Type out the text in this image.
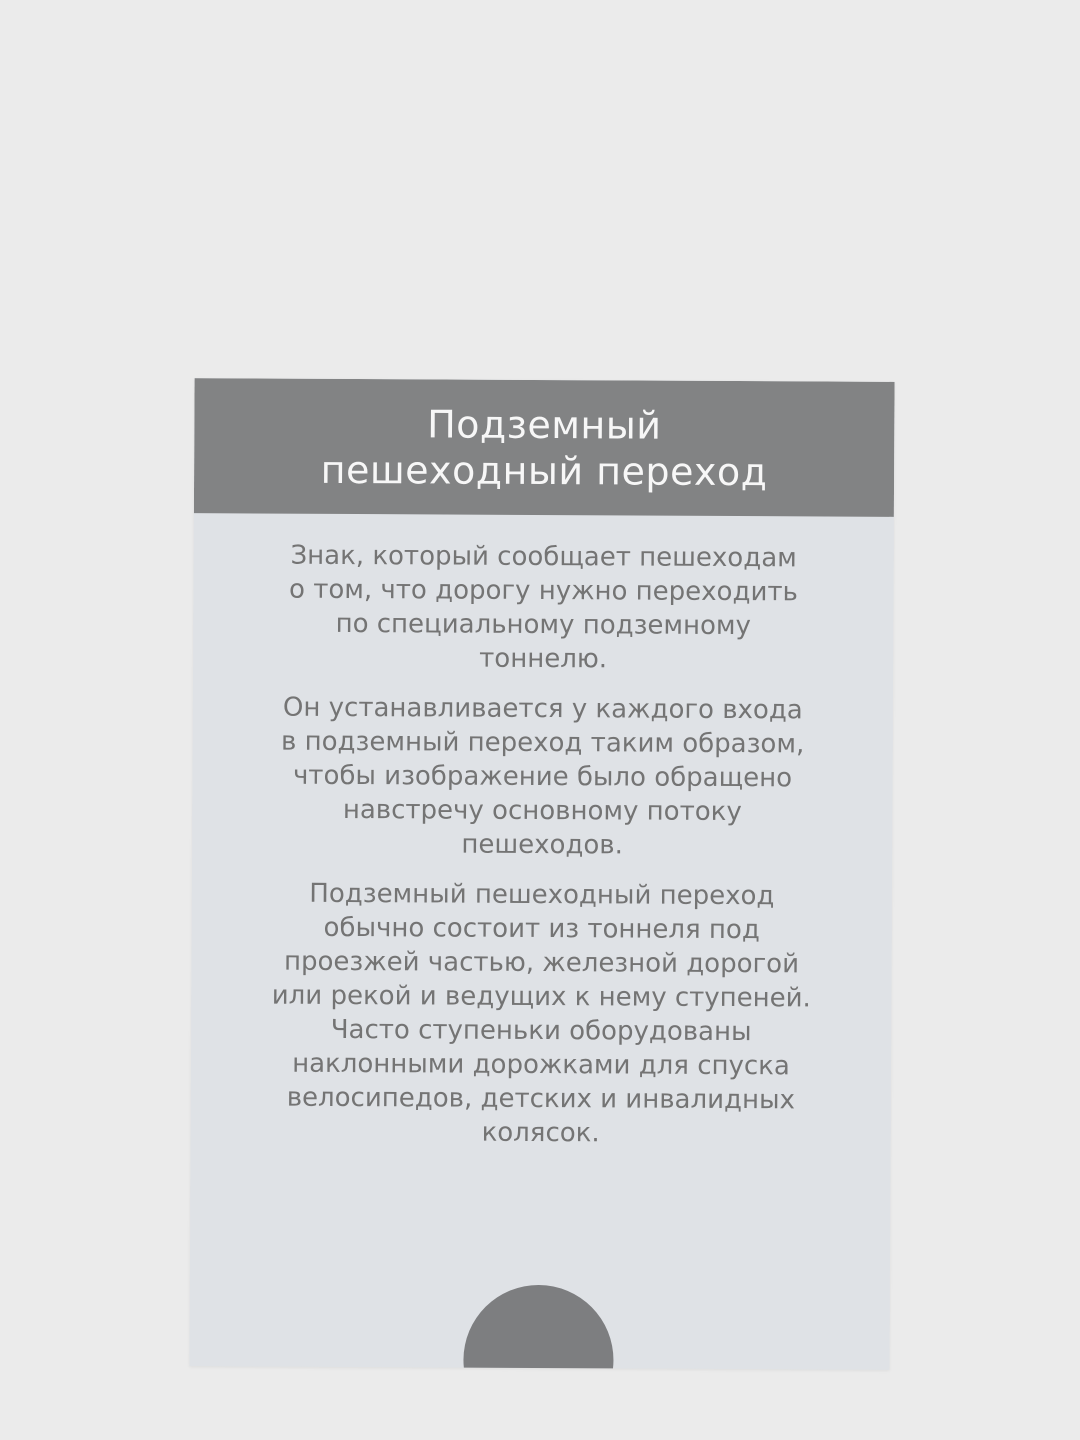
Подземный
пешеходный переход

Знак, который сообщает пешеходам
о том, что дорогу нужно переходить
по специальному подземному
тоннелю.

Он устанавливается у каждого входа
в подземный переход таким образом,
чтобы изображение было обращено
навстречу основному потоку
пешеходов.

Подземный пешеходный переход
обычно состоит из тоннеля под
проезжей частью, железной дорогой
или рекой и ведущих к нему ступеней.
Часто ступеньки оборудованы
наклонными дорожками для спуска
велосипедов, детских и инвалидных
колясок.
